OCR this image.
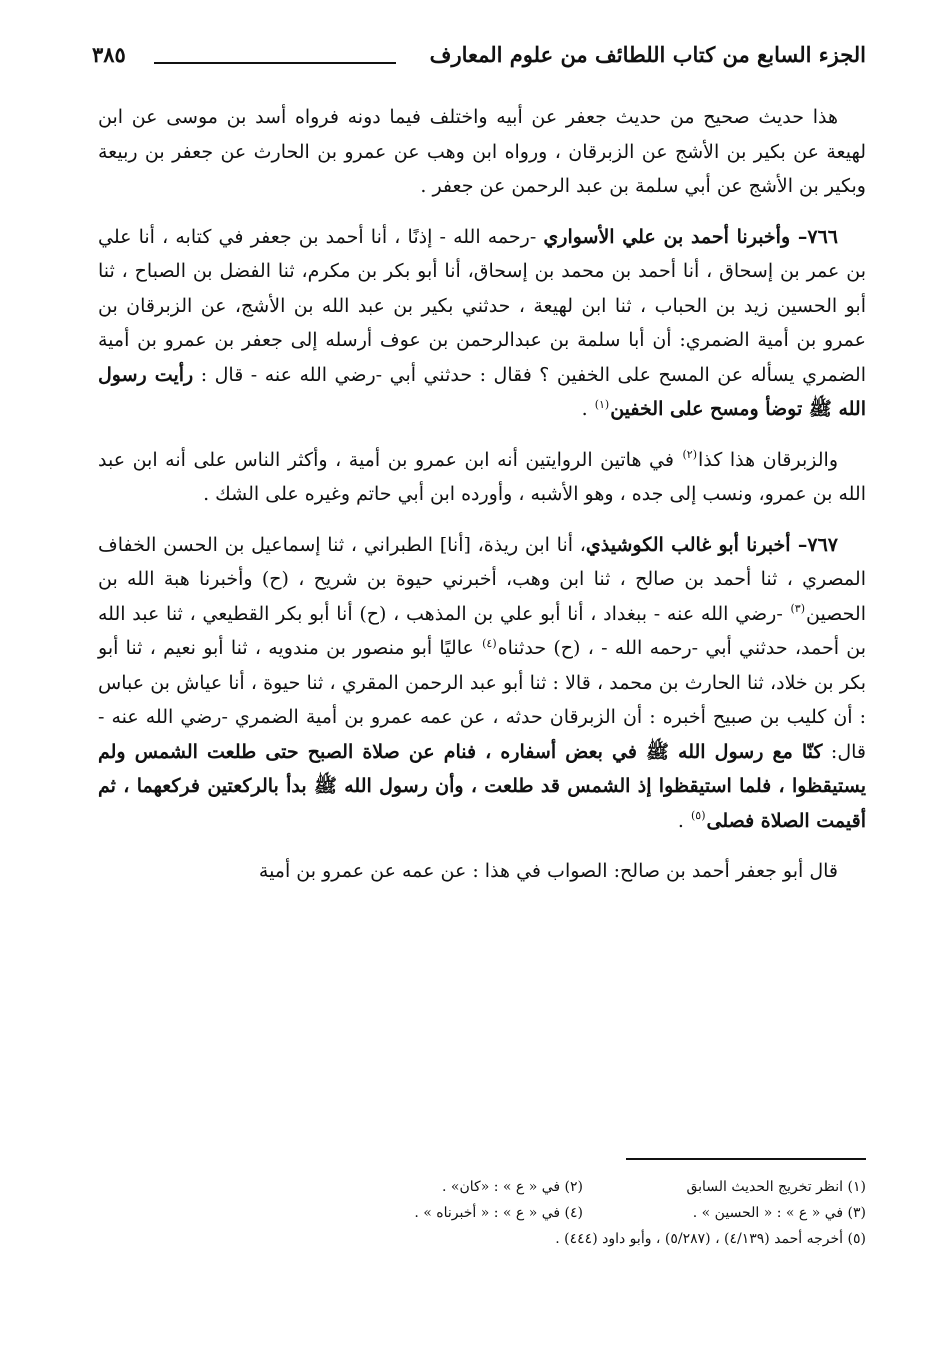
الجزء السابع من كتاب اللطائف من علوم المعارف
٣٨٥

هذا حديث صحيح من حديث جعفر عن أبيه واختلف فيما دونه فرواه أسد بن موسى عن ابن لهيعة عن بكير بن الأشج عن الزبرقان ، ورواه ابن وهب عن عمرو بن الحارث عن جعفر بن ربيعة وبكير بن الأشج عن أبي سلمة بن عبد الرحمن عن جعفر .

٧٦٦– وأخبرنا أحمد بن علي الأسواري -رحمه الله - إذنًا ، أنا أحمد بن جعفر في كتابه ، أنا علي بن عمر بن إسحاق ، أنا أحمد بن محمد بن إسحاق، أنا أبو بكر بن مكرم، ثنا الفضل بن الصباح ، ثنا أبو الحسين زيد بن الحباب ، ثنا ابن لهيعة ، حدثني بكير بن عبد الله بن الأشج، عن الزبرقان بن عمرو بن أمية الضمري: أن أبا سلمة بن عبدالرحمن بن عوف أرسله إلى جعفر بن عمرو بن أمية الضمري يسأله عن المسح على الخفين ؟ فقال : حدثني أبي -رضي الله عنه - قال : رأيت رسول الله ﷺ توضأ ومسح على الخفين$^{(١)}$ .

والزبرقان هذا كذا$^{(٢)}$ في هاتين الروايتين أنه ابن عمرو بن أمية ، وأكثر الناس على أنه ابن عبد الله بن عمرو، ونسب إلى جده ، وهو الأشبه ، وأورده ابن أبي حاتم وغيره على الشك .

٧٦٧– أخبرنا أبو غالب الكوشيذي، أنا ابن ريذة، [أنا] الطبراني ، ثنا إسماعيل بن الحسن الخفاف المصري ، ثنا أحمد بن صالح ، ثنا ابن وهب، أخبرني حيوة بن شريح ، (ح) وأخبرنا هبة الله بن الحصين$^{(٣)}$ -رضي الله عنه - ببغداد ، أنا أبو علي بن المذهب ، (ح) أنا أبو بكر القطيعي ، ثنا عبد الله بن أحمد، حدثني أبي -رحمه الله - ، (ح) حدثناه$^{(٤)}$ عاليًا أبو منصور بن مندويه ، ثنا أبو نعيم ، ثنا أبو بكر بن خلاد، ثنا الحارث بن محمد ، قالا : ثنا أبو عبد الرحمن المقري ، ثنا حيوة ، أنا عياش بن عباس : أن كليب بن صبيح أخبره : أن الزبرقان حدثه ، عن عمه عمرو بن أمية الضمري -رضي الله عنه - قال: كنّا مع رسول الله ﷺ في بعض أسفاره ، فنام عن صلاة الصبح حتى طلعت الشمس ولم يستيقظوا ، فلما استيقظوا إذ الشمس قد طلعت ، وأن رسول الله ﷺ بدأ بالركعتين فركعهما ، ثم أقيمت الصلاة فصلى$^{(٥)}$ .

قال أبو جعفر أحمد بن صالح: الصواب في هذا : عن عمه عن عمرو بن أمية

(١) انظر تخريج الحديث السابق
(٢) في « ع » : «كان» .
(٣) في « ع » : « الحسين » .
(٤) في « ع » : « أخبرناه » .
(٥) أخرجه أحمد (٤/١٣٩) ، (٥/٢٨٧) ، وأبو داود (٤٤٤) .
